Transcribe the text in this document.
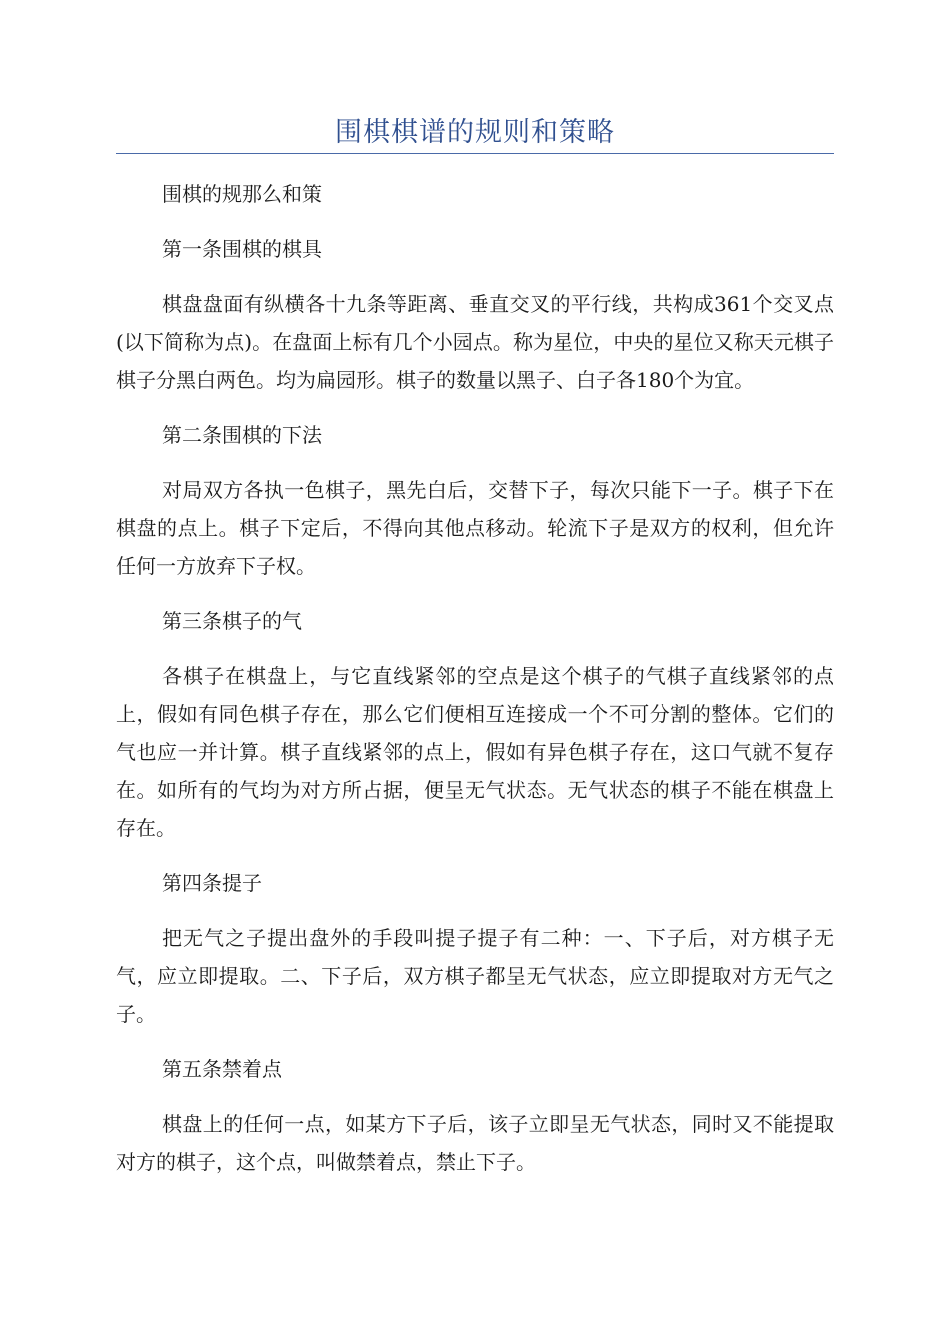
围棋棋谱的规则和策略

围棋的规那么和策

第一条围棋的棋具

棋盘盘面有纵横各十九条等距离、垂直交叉的平行线，共构成361个交叉点(以下简称为点)。在盘面上标有几个小园点。称为星位，中央的星位又称天元棋子棋子分黑白两色。均为扁园形。棋子的数量以黑子、白子各180个为宜。

第二条围棋的下法

对局双方各执一色棋子，黑先白后，交替下子，每次只能下一子。棋子下在棋盘的点上。棋子下定后，不得向其他点移动。轮流下子是双方的权利，但允许任何一方放弃下子权。

第三条棋子的气

各棋子在棋盘上，与它直线紧邻的空点是这个棋子的气棋子直线紧邻的点上，假如有同色棋子存在，那么它们便相互连接成一个不可分割的整体。它们的气也应一并计算。棋子直线紧邻的点上，假如有异色棋子存在，这口气就不复存在。如所有的气均为对方所占据，便呈无气状态。无气状态的棋子不能在棋盘上存在。

第四条提子

把无气之子提出盘外的手段叫提子提子有二种：一、下子后，对方棋子无气，应立即提取。二、下子后，双方棋子都呈无气状态，应立即提取对方无气之子。

第五条禁着点

棋盘上的任何一点，如某方下子后，该子立即呈无气状态，同时又不能提取对方的棋子，这个点，叫做禁着点，禁止下子。
